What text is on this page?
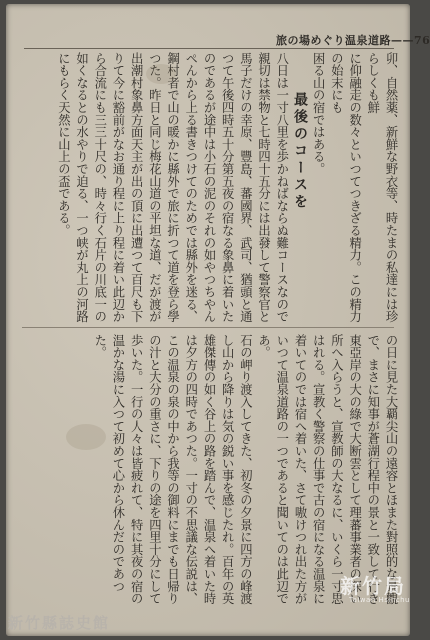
旅の場めぐり温泉道路——76
卯、自然薬、新鮮な野衣等、時たまの私達には珍らしくも鮮
に仰融走の数々といつてつきざる精力。この精力の始末にも
困る山の宿ではある。
最後のコースを
八日は一寸八里を歩かねばならぬ難コースなので親切は禁物と七時四十五分には出發して警察官と馬子だけの幸原、豐島、蕃國界、武司、猶頭と通つて午後四時五十分第五夜の宿なる象鼻に着いたのであるが途中は小石の泥のそれの如やつちやんペんから上る書きつけてのためでは縣外を迷る、鋼村者で山の暖かに縣外で旅に折つて道を登ら學つた。昨日と同じ梅花山道の平坦な道、だが渡が出潮村象鼻方面天主が出の頂に出遭つて百尺も下りて今に豁前がなお通り程に上り程に着い此辺から合流にも三三十尺の、時々行く石片の川底一の如くなるとの水やりで迫る、一つ峡が丸上の河路にもらく天然に山上の盃である。
の日に見た大覇尖山の遠容とほまた對照的な景觀で、まさに知事が蒼湖行程中の景と一致して行き東亞岸の大の綠で大断雲として理蕃事業者の深い所へ入らうと、宣教師の大なるに、いくら一寸思はれる。宣教く警察の仕事で古の宿になる温泉に着いてのでは宿へ着いた、さて嗷けつれ出た方がいつて温泉道路の一つであると聞いてのは此辺であ。
石の岬り渡入してきた、初冬の夕景に四方の峰渡し山から降りは気の鋭い事を感じたれ。百年の英雄傑傳の如く谷上の路を踏んで、温泉へ着いた時は夕方の四時であつた。一寸の不思議な伝説は、この温泉の泉の中から我等の御料にまでも日帰りの汁と大分の重さに、下りの途を四里十分にして歩いた。一行の人々は皆疲れて、特に其夜の宿の温かな湯に入つて初めて心から休んだのであつた。
新竹局
Taiwan Hsinchu
新竹縣誌史館
